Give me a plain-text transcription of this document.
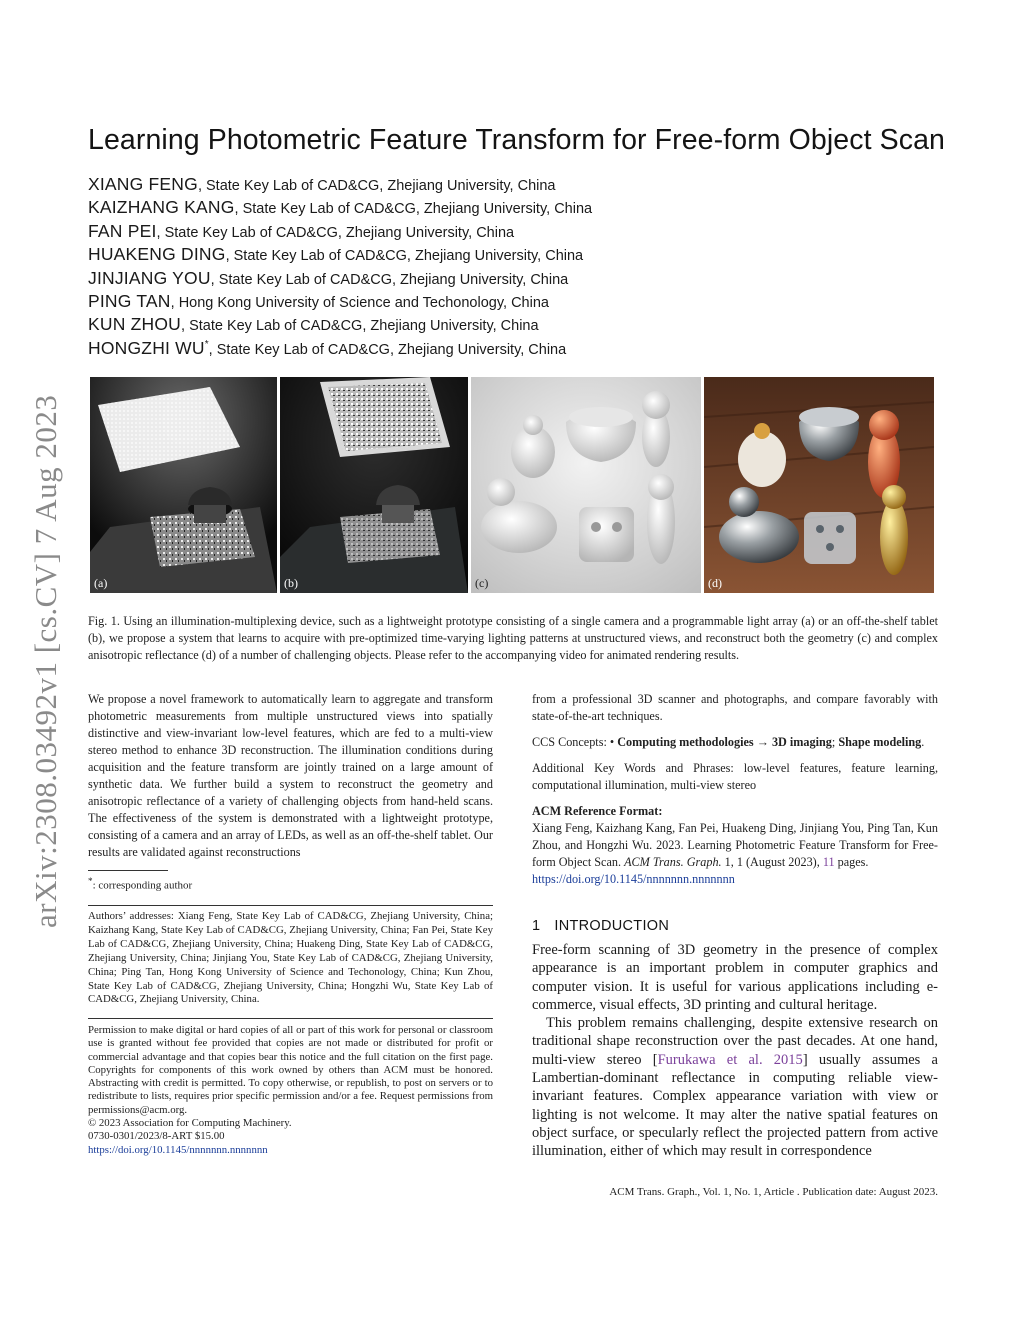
arXiv:2308.03492v1 [cs.CV] 7 Aug 2023
Learning Photometric Feature Transform for Free-form Object Scan
XIANG FENG, State Key Lab of CAD&CG, Zhejiang University, China
KAIZHANG KANG, State Key Lab of CAD&CG, Zhejiang University, China
FAN PEI, State Key Lab of CAD&CG, Zhejiang University, China
HUAKENG DING, State Key Lab of CAD&CG, Zhejiang University, China
JINJIANG YOU, State Key Lab of CAD&CG, Zhejiang University, China
PING TAN, Hong Kong University of Science and Techonology, China
KUN ZHOU, State Key Lab of CAD&CG, Zhejiang University, China
HONGZHI WU*, State Key Lab of CAD&CG, Zhejiang University, China
(a)	(b)	(c)	(d)
Fig. 1. Using an illumination-multiplexing device, such as a lightweight prototype consisting of a single camera and a programmable light array (a) or an off-the-shelf tablet (b), we propose a system that learns to acquire with pre-optimized time-varying lighting patterns at unstructured views, and reconstruct both the geometry (c) and complex anisotropic reflectance (d) of a number of challenging objects. Please refer to the accompanying video for animated rendering results.
We propose a novel framework to automatically learn to aggregate and transform photometric measurements from multiple unstructured views into spatially distinctive and view-invariant low-level features, which are fed to a multi-view stereo method to enhance 3D reconstruction. The illumination conditions during acquisition and the feature transform are jointly trained on a large amount of synthetic data. We further build a system to reconstruct the geometry and anisotropic reflectance of a variety of challenging objects from hand-held scans. The effectiveness of the system is demonstrated with a lightweight prototype, consisting of a camera and an array of LEDs, as well as an off-the-shelf tablet. Our results are validated against reconstructions
from a professional 3D scanner and photographs, and compare favorably with state-of-the-art techniques.
CCS Concepts: • Computing methodologies → 3D imaging; Shape modeling.
Additional Key Words and Phrases: low-level features, feature learning, computational illumination, multi-view stereo
ACM Reference Format:
Xiang Feng, Kaizhang Kang, Fan Pei, Huakeng Ding, Jinjiang You, Ping Tan, Kun Zhou, and Hongzhi Wu. 2023. Learning Photometric Feature Transform for Free-form Object Scan. ACM Trans. Graph. 1, 1 (August 2023), 11 pages.
https://doi.org/10.1145/nnnnnnn.nnnnnnn
*: corresponding author
Authors’ addresses: Xiang Feng, State Key Lab of CAD&CG, Zhejiang University, China; Kaizhang Kang, State Key Lab of CAD&CG, Zhejiang University, China; Fan Pei, State Key Lab of CAD&CG, Zhejiang University, China; Huakeng Ding, State Key Lab of CAD&CG, Zhejiang University, China; Jinjiang You, State Key Lab of CAD&CG, Zhejiang University, China; Ping Tan, Hong Kong University of Science and Techonology, China; Kun Zhou, State Key Lab of CAD&CG, Zhejiang University, China; Hongzhi Wu, State Key Lab of CAD&CG, Zhejiang University, China.
Permission to make digital or hard copies of all or part of this work for personal or classroom use is granted without fee provided that copies are not made or distributed for profit or commercial advantage and that copies bear this notice and the full citation on the first page. Copyrights for components of this work owned by others than ACM must be honored. Abstracting with credit is permitted. To copy otherwise, or republish, to post on servers or to redistribute to lists, requires prior specific permission and/or a fee. Request permissions from permissions@acm.org.
© 2023 Association for Computing Machinery.
0730-0301/2023/8-ART $15.00
https://doi.org/10.1145/nnnnnnn.nnnnnnn
1 INTRODUCTION

Free-form scanning of 3D geometry in the presence of complex appearance is an important problem in computer graphics and computer vision. It is useful for various applications including e-commerce, visual effects, 3D printing and cultural heritage.

This problem remains challenging, despite extensive research on traditional shape reconstruction over the past decades. At one hand, multi-view stereo [Furukawa et al. 2015] usually assumes a Lambertian-dominant reflectance in computing reliable view-invariant features. Complex appearance variation with view or lighting is not welcome. It may alter the native spatial features on object surface, or specularly reflect the projected pattern from active illumination, either of which may result in correspondence

ACM Trans. Graph., Vol. 1, No. 1, Article . Publication date: August 2023.
